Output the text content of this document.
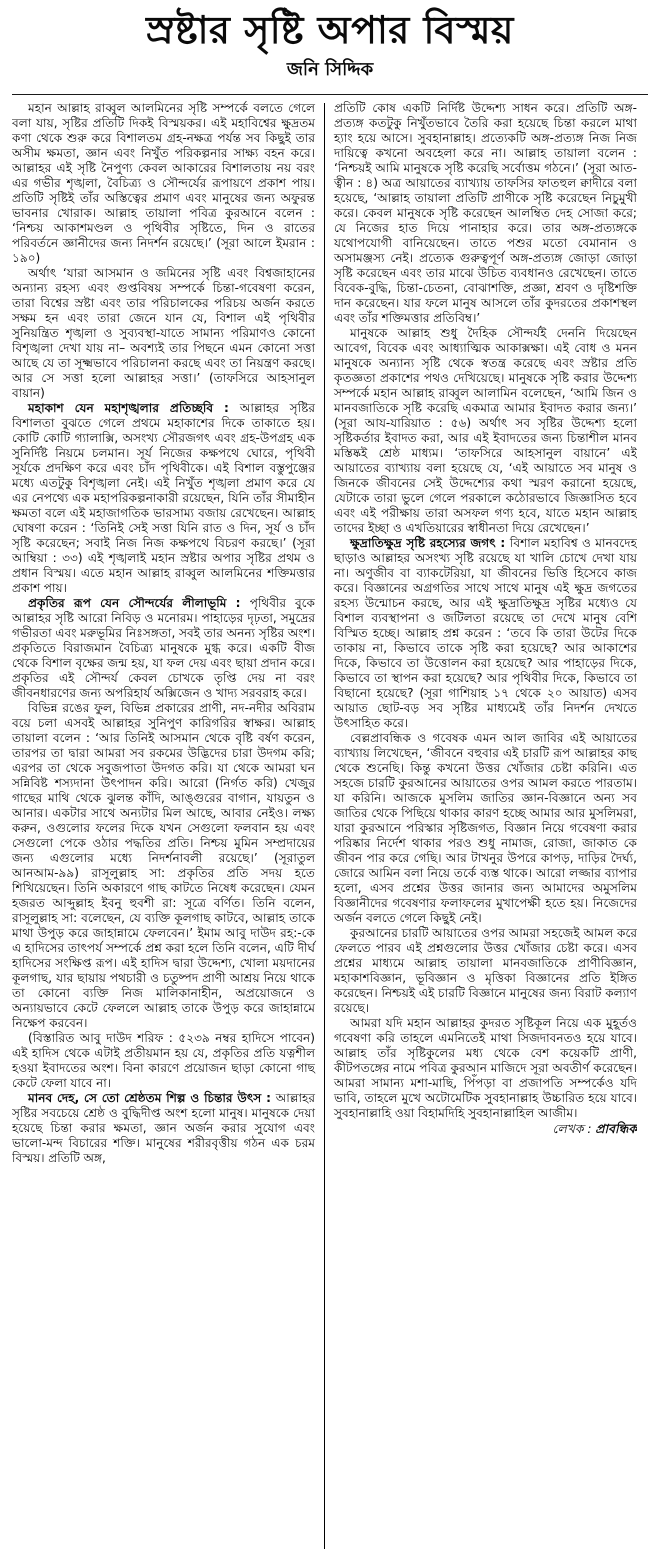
স্রষ্টার সৃষ্টি অপার বিস্ময়
জনি সিদ্দিক

মহান আল্লাহ রাব্বুল আলমিনের সৃষ্টি সম্পর্কে বলতে গেলে বলা যায়, সৃষ্টির প্রতিটি দিকই বিস্ময়কর। এই মহাবিশ্বের ক্ষুদ্রতম কণা থেকে শুরু করে বিশালতম গ্রহ-নক্ষত্র পর্যন্ত সব কিছুই তার অসীম ক্ষমতা, জ্ঞান এবং নিখুঁত পরিকল্পনার সাক্ষ্য বহন করে। আল্লাহর এই সৃষ্টি নৈপুণ্য কেবল আকারের বিশালতায় নয় বরং এর গভীর শৃঙ্খলা, বৈচিত্র্য ও সৌন্দর্যের রূপায়ণে প্রকাশ পায়। প্রতিটি সৃষ্টিই তাঁর অস্তিত্বের প্রমাণ এবং মানুষের জন্য অফুরন্ত ভাবনার খোরাক। আল্লাহ তায়ালা পবিত্র কুরআনে বলেন : ‘নিশ্চয় আকাশমণ্ডল ও পৃথিবীর সৃষ্টিতে, দিন ও রাতের পরিবর্তনে জ্ঞানীদের জন্য নিদর্শন রয়েছে।’ (সূরা আলে ইমরান : ১৯০)

অর্থাৎ ‘যারা আসমান ও জমিনের সৃষ্টি এবং বিশ্বজাহানের অন্যান্য রহস্য এবং গুপ্তবিষয় সম্পর্কে চিন্তা-গবেষণা করেন, তারা বিশ্বের স্রষ্টা এবং তার পরিচালকের পরিচয় অর্জন করতে সক্ষম হন এবং তারা জেনে যান যে, বিশাল এই পৃথিবীর সুনিয়ন্ত্রিত শৃঙ্খলা ও সুব্যবস্থা-যাতে সামান্য পরিমাণও কোনো বিশৃঙ্খলা দেখা যায় না– অবশ্যই তার পিছনে এমন কোনো সত্তা আছে যে তা সূক্ষ্মভাবে পরিচালনা করছে এবং তা নিয়ন্ত্রণ করছে। আর সে সত্তা হলো আল্লাহর সত্তা।’ (তাফসিরে আহসানুল বায়ান)

মহাকাশ যেন মহাশৃঙ্খলার প্রতিচ্ছবি : আল্লাহর সৃষ্টির বিশালতা বুঝতে গেলে প্রথমে মহাকাশের দিকে তাকাতে হয়। কোটি কোটি গ্যালাক্সি, অসংখ্য সৌরজগৎ এবং গ্রহ-উপগ্রহ এক সুনির্দিষ্ট নিয়মে চলমান। সূর্য নিজের কক্ষপথে ঘোরে, পৃথিবী সূর্যকে প্রদক্ষিণ করে এবং চাঁদ পৃথিবীকে। এই বিশাল বস্তুপুঞ্জের মধ্যে এতটুকু বিশৃঙ্খলা নেই। এই নিখুঁত শৃঙ্খলা প্রমাণ করে যে এর নেপথ্যে এক মহাপরিকল্পনাকারী রয়েছেন, যিনি তাঁর সীমাহীন ক্ষমতা বলে এই মহাজাগতিক ভারসাম্য বজায় রেখেছেন। আল্লাহ ঘোষণা করেন : ‘তিনিই সেই সত্তা যিনি রাত ও দিন, সূর্য ও চাঁদ সৃষ্টি করেছেন; সবাই নিজ নিজ কক্ষপথে বিচরণ করছে।’ (সূরা আম্বিয়া : ৩৩) এই শৃঙ্খলাই মহান স্রষ্টার অপার সৃষ্টির প্রথম ও প্রধান বিস্ময়। এতে মহান আল্লাহ রাব্বুল আলমিনের শক্তিমত্তার প্রকাশ পায়।

প্রকৃতির রূপ যেন সৌন্দর্যের লীলাভূমি : পৃথিবীর বুকে আল্লাহর সৃষ্টি আরো নিবিড় ও মনোরম। পাহাড়ের দৃঢ়তা, সমুদ্রের গভীরতা এবং মরুভূমির নিঃসঙ্গতা, সবই তার অনন্য সৃষ্টির অংশ। প্রকৃতিতে বিরাজমান বৈচিত্র্য মানুষকে মুগ্ধ করে। একটি বীজ থেকে বিশাল বৃক্ষের জন্ম হয়, যা ফল দেয় এবং ছায়া প্রদান করে। প্রকৃতির এই সৌন্দর্য কেবল চোখকে তৃপ্তি দেয় না বরং জীবনধারণের জন্য অপরিহার্য অক্সিজেন ও খাদ্য সরবরাহ করে।

বিভিন্ন রঙের ফুল, বিভিন্ন প্রকারের প্রাণী, নদ-নদীর অবিরাম বয়ে চলা এসবই আল্লাহর সুনিপুণ কারিগরির স্বাক্ষর। আল্লাহ তায়ালা বলেন : ‘আর তিনিই আসমান থেকে বৃষ্টি বর্ষণ করেন, তারপর তা দ্বারা আমরা সব রকমের উদ্ভিদের চারা উদগম করি; এরপর তা থেকে সবুজপাতা উদগত করি। যা থেকে আমরা ঘন সন্নিবিষ্ট শস্যদানা উৎপাদন করি। আরো (নির্গত করি) খেজুর গাছের মাথি থেকে ঝুলন্ত কাঁদি, আঙ্গুরের বাগান, যায়তুন ও আনার। একটার সাথে অন্যটার মিল আছে, আবার নেইও। লক্ষ্য করুন, ওগুলোর ফলের দিকে যখন সেগুলো ফলবান হয় এবং সেগুলো পেকে ওঠার পদ্ধতির প্রতি। নিশ্চয় মুমিন সম্প্রদায়ের জন্য এগুলোর মধ্যে নিদর্শনাবলী রয়েছে।’ (সূরাতুল আনআম-৯৯) রাসূলুল্লাহ সা: প্রকৃতির প্রতি সদয় হতে শিখিয়েছেন। তিনি অকারণে গাছ কাটতে নিষেধ করেছেন। যেমন হজরত আব্দুল্লাহ ইবনু হুবশী রা: সূত্রে বর্ণিত। তিনি বলেন, রাসূলুল্লাহ সা: বলেছেন, যে ব্যক্তি কূলগাছ কাটবে, আল্লাহ তাকে মাথা উপুড় করে জাহান্নামে ফেলবেন।’ ইমাম আবু দাউদ রহ:-কে এ হাদিসের তাৎপর্য সম্পর্কে প্রশ্ন করা হলে তিনি বলেন, এটি দীর্ঘ হাদিসের সংক্ষিপ্ত রূপ। এই হাদিস দ্বারা উদ্দেশ্য, খোলা ময়দানের কূলগাছ, যার ছায়ায় পথচারী ও চতুষ্পদ প্রাণী আশ্রয় নিয়ে থাকে তা কোনো ব্যক্তি নিজ মালিকানাহীন, অপ্রয়োজনে ও অন্যায়ভাবে কেটে ফেললে আল্লাহ তাকে উপুড় করে জাহান্নামে নিক্ষেপ করবেন।

(বিস্তারিত আবু দাউদ শরিফ : ৫২৩৯ নম্বর হাদিসে পাবেন) এই হাদিস থেকে এটাই প্রতীয়মান হয় যে, প্রকৃতির প্রতি যত্নশীল হওয়া ইবাদতের অংশ। বিনা কারণে প্রয়োজন ছাড়া কোনো গাছ কেটে ফেলা যাবে না।

মানব দেহ, সে তো শ্রেষ্ঠতম শিল্প ও চিন্তার উৎস : আল্লাহর সৃষ্টির সবচেয়ে শ্রেষ্ঠ ও বুদ্ধিদীপ্ত অংশ হলো মানুষ। মানুষকে দেয়া হয়েছে চিন্তা করার ক্ষমতা, জ্ঞান অর্জন করার সুযোগ এবং ভালো-মন্দ বিচারের শক্তি। মানুষের শরীরবৃত্তীয় গঠন এক চরম বিস্ময়। প্রতিটি অঙ্গ,

প্রতিটি কোষ একটি নির্দিষ্ট উদ্দেশ্য সাধন করে। প্রতিটি অঙ্গ-প্রত্যঙ্গ কতটুকু নিখুঁতভাবে তৈরি করা হয়েছে চিন্তা করলে মাথা হ্যাং হয়ে আসে। সুবহানাল্লাহ। প্রত্যেকটি অঙ্গ-প্রত্যঙ্গ নিজ নিজ দায়িত্বে কখনো অবহেলা করে না। আল্লাহ তায়ালা বলেন : ‘নিশ্চয়ই আমি মানুষকে সৃষ্টি করেছি সর্বোত্তম গঠনে।’ (সূরা আত-ত্বীন : ৪) অত্র আয়াতের ব্যাখ্যায় তাফসির ফাতহুল ক্বাদীরে বলা হয়েছে, ‘আল্লাহ তায়ালা প্রতিটি প্রাণীকে সৃষ্টি করেছেন নিচুমুখী করে। কেবল মানুষকে সৃষ্টি করেছেন আলম্বিত দেহ সোজা করে; যে নিজের হাত দিয়ে পানাহার করে। তার অঙ্গ-প্রত্যঙ্গকে যথোপযোগী বানিয়েছেন। তাতে পশুর মতো বেমানান ও অসামঞ্জস্য নেই। প্রত্যেক গুরুত্বপূর্ণ অঙ্গ-প্রত্যঙ্গ জোড়া জোড়া সৃষ্টি করেছেন এবং তার মাঝে উচিত ব্যবধানও রেখেছেন। তাতে বিবেক-বুদ্ধি, চিন্তা-চেতনা, বোঝাশক্তি, প্রজ্ঞা, শ্রবণ ও দৃষ্টিশক্তি দান করেছেন। যার ফলে মানুষ আসলে তাঁর কুদরতের প্রকাশস্থল এবং তাঁর শক্তিমত্তার প্রতিবিম্ব।’

মানুষকে আল্লাহ শুধু দৈহিক সৌন্দর্যই দেননি দিয়েছেন আবেগ, বিবেক এবং আধ্যাত্মিক আকাক্সক্ষা। এই বোধ ও মনন মানুষকে অন্যান্য সৃষ্টি থেকে স্বতন্ত্র করেছে এবং স্রষ্টার প্রতি কৃতজ্ঞতা প্রকাশের পথও দেখিয়েছে। মানুষকে সৃষ্টি করার উদ্দেশ্য সম্পর্কে মহান আল্লাহ রাব্বুল আলামিন বলেছেন, ‘আমি জিন ও মানবজাতিকে সৃষ্টি করেছি একমাত্র আমার ইবাদত করার জন্য।’ (সূরা আয-যারিয়াত : ৫৬) অর্থাৎ সব সৃষ্টির উদ্দেশ্য হলো সৃষ্টিকর্তার ইবাদত করা, আর এই ইবাদতের জন্য চিন্তাশীল মানব মস্তিষ্কই শ্রেষ্ঠ মাধ্যম। ‘তাফসিরে আহসানুল বায়ানে’ এই আয়াতের ব্যাখ্যায় বলা হয়েছে যে, ‘এই আয়াতে সব মানুষ ও জিনকে জীবনের সেই উদ্দেশ্যের কথা স্মরণ করানো হয়েছে, যেটাকে তারা ভুলে গেলে পরকালে কঠোরভাবে জিজ্ঞাসিত হবে এবং এই পরীক্ষায় তারা অসফল গণ্য হবে, যাতে মহান আল্লাহ তাদের ইচ্ছা ও এখতিয়ারের স্বাধীনতা দিয়ে রেখেছেন।’

ক্ষুদ্রাতিক্ষুদ্র সৃষ্টি রহস্যের জগৎ : বিশাল মহাবিশ্ব ও মানবদেহ ছাড়াও আল্লাহর অসংখ্য সৃষ্টি রয়েছে যা খালি চোখে দেখা যায় না। অণুজীব বা ব্যাকটেরিয়া, যা জীবনের ভিত্তি হিসেবে কাজ করে। বিজ্ঞানের অগ্রগতির সাথে সাথে মানুষ এই ক্ষুদ্র জগতের রহস্য উন্মোচন করছে, আর এই ক্ষুদ্রাতিক্ষুদ্র সৃষ্টির মধ্যেও যে বিশাল ব্যবস্থাপনা ও জটিলতা রয়েছে তা দেখে মানুষ বেশি বিস্মিত হচ্ছে। আল্লাহ প্রশ্ন করেন : ‘তবে কি তারা উটের দিকে তাকায় না, কিভাবে তাকে সৃষ্টি করা হয়েছে? আর আকাশের দিকে, কিভাবে তা উত্তোলন করা হয়েছে? আর পাহাড়ের দিকে, কিভাবে তা স্থাপন করা হয়েছে? আর পৃথিবীর দিকে, কিভাবে তা বিছানো হয়েছে? (সূরা গাশিয়াহ ১৭ থেকে ২০ আয়াত) এসব আয়াত ছোট-বড় সব সৃষ্টির মাধ্যমেই তাঁর নিদর্শন দেখতে উৎসাহিত করে।

বেল্লপ্রাবন্ধিক ও গবেষক এমন আল জাবির এই আয়াতের ব্যাখ্যায় লিখেছেন, ‘জীবনে বহুবার এই চারটি রূপ আল্লাহর কাছ থেকে শুনেছি। কিন্তু কখনো উত্তর খোঁজার চেষ্টা করিনি। এত সহজে চারটি কুরআনের আয়াতের ওপর আমল করতে পারতাম। যা করিনি। আজকে মুসলিম জাতির জ্ঞান-বিজ্ঞানে অন্য সব জাতির থেকে পিছিয়ে থাকার কারণ হচ্ছে আমার আর মুসলিমরা, যারা কুরআনে পরিস্কার সৃষ্টিজগত, বিজ্ঞান নিয়ে গবেষণা করার পরিষ্কার নির্দেশ থাকার পরও শুধু নামাজ, রোজা, জাকাত কে জীবন পার করে গেছি। আর টাখনুর উপরে কাপড়, দাড়ির দৈর্ঘ্য, জোরে আমিন বলা নিয়ে তর্কে ব্যস্ত থাকে। আরো লজ্জার ব্যাপার হলো, এসব প্রশ্নের উত্তর জানার জন্য আমাদের অমুসলিম বিজ্ঞানীদের গবেষণার ফলাফলের মুখাপেক্ষী হতে হয়। নিজেদের অর্জন বলতে গেলে কিছুই নেই।

কুরআনের চারটি আয়াতের ওপর আমরা সহজেই আমল করে ফেলতে পারব এই প্রশ্নগুলোর উত্তর খোঁজার চেষ্টা করে। এসব প্রশ্নের মাধ্যমে আল্লাহ তায়ালা মানবজাতিকে প্রাণীবিজ্ঞান, মহাকাশবিজ্ঞান, ভূবিজ্ঞান ও মৃত্তিকা বিজ্ঞানের প্রতি ইঙ্গিত করেছেন। নিশ্চয়ই এই চারটি বিজ্ঞানে মানুষের জন্য বিরাট কল্যাণ রয়েছে।

আমরা যদি মহান আল্লাহর কুদরত সৃষ্টিকূল নিয়ে এক মুহূর্তও গবেষণা করি তাহলে এমনিতেই মাথা সিজদাবনতও হয়ে যাবে। আল্লাহ তাঁর সৃষ্টিকুলের মধ্য থেকে বেশ কয়েকটি প্রাণী, কীটপতঙ্গের নামে পবিত্র কুরআন মাজিদে সূরা অবতীর্ণ করেছেন। আমরা সামান্য মশা-মাছি, পিঁপড়া বা প্রজাপতি সম্পর্কেও যদি ভাবি, তাহলে মুখে অটোমেটিক সুবহানাল্লাহ উচ্চারিত হয়ে যাবে। সুবহানাল্লাহি ওয়া বিহামদিহি সুবহানাল্লাহিল আজীম।

লেখক : প্রাবন্ধিক
